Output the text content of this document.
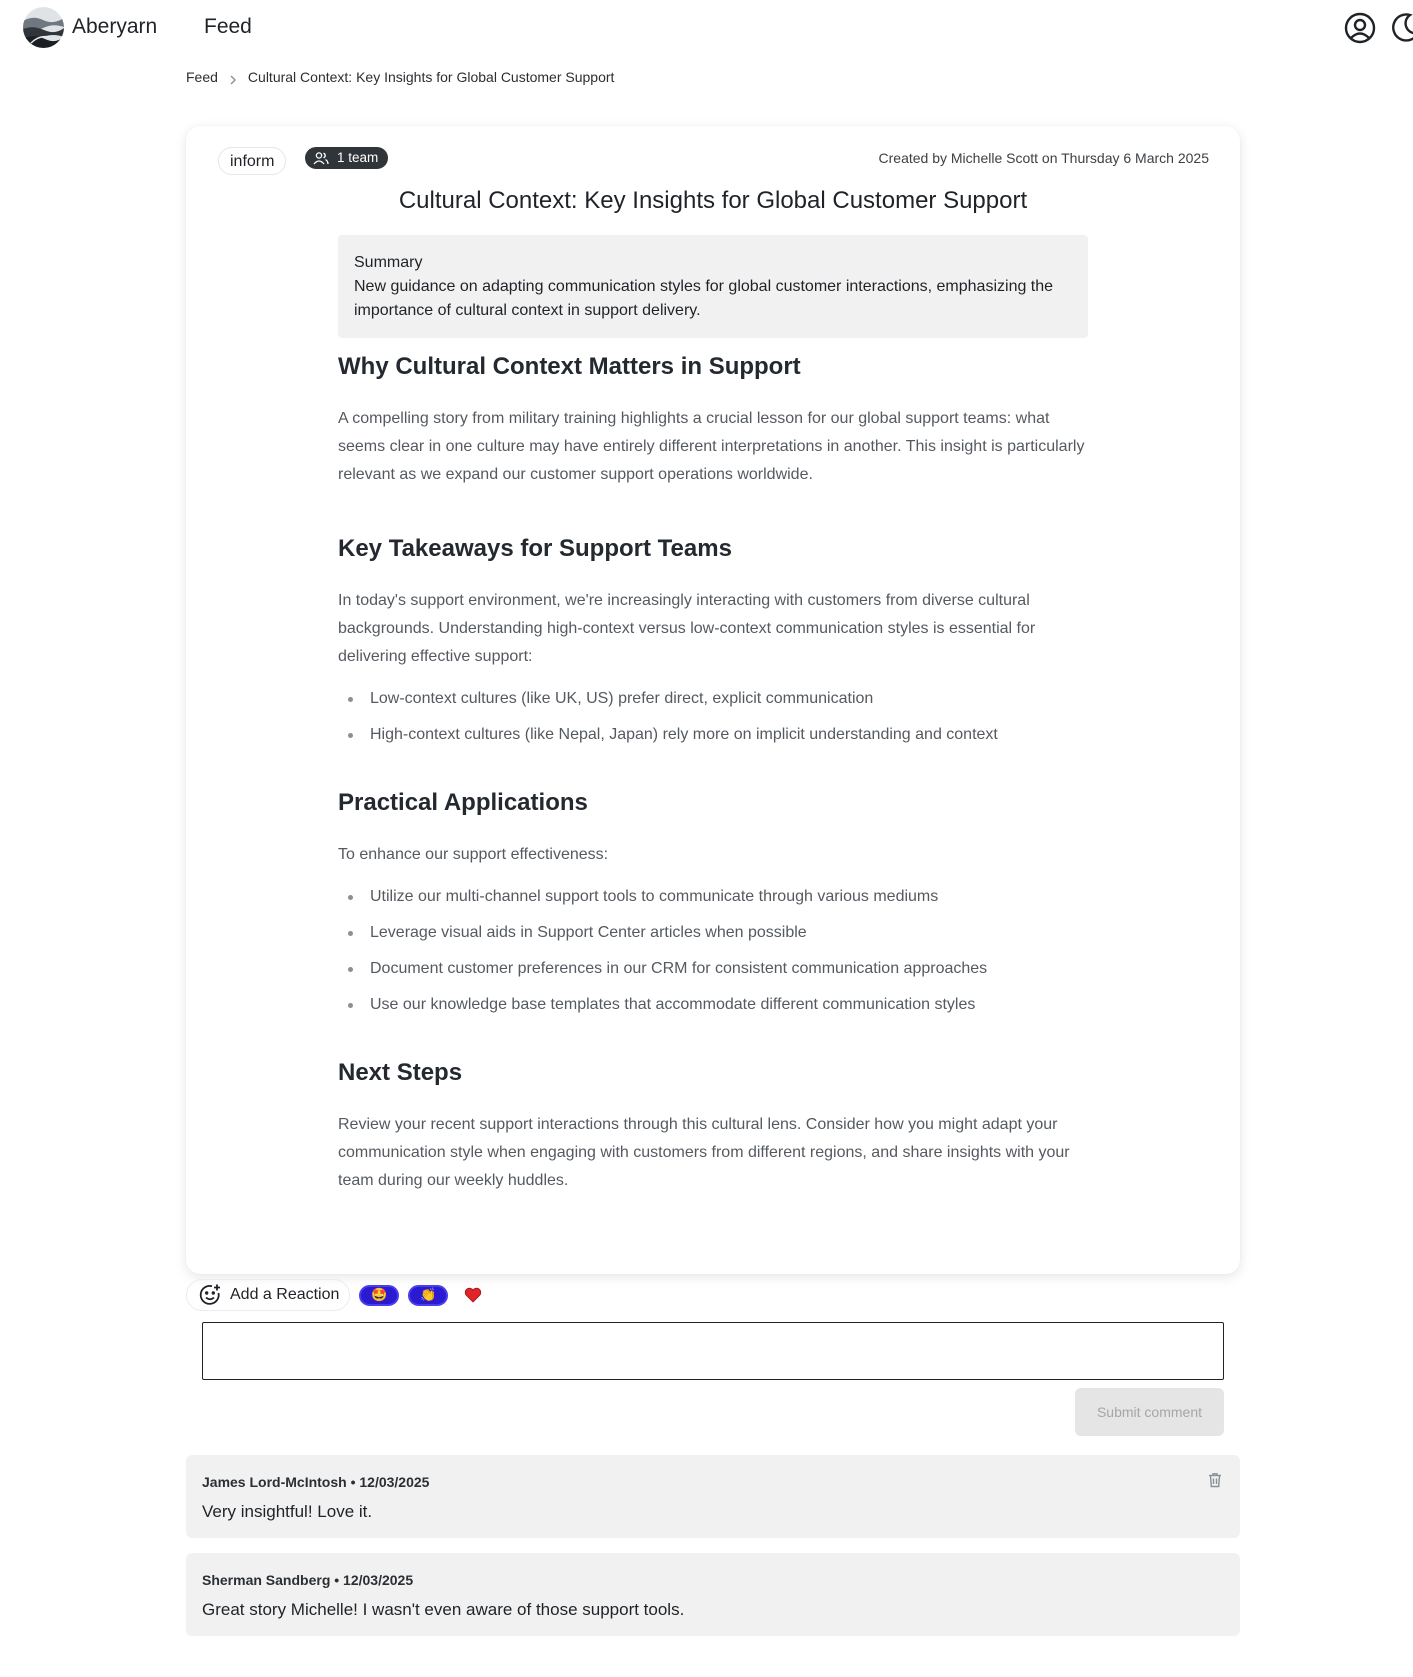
Aberyarn Feed
Feed Cultural Context: Key Insights for Global Customer Support
inform	1 team	Created by Michelle Scott on Thursday 6 March 2025
Cultural Context: Key Insights for Global Customer Support
Summary
New guidance on adapting communication styles for global customer interactions, emphasizing the importance of cultural context in support delivery.
Why Cultural Context Matters in Support

A compelling story from military training highlights a crucial lesson for our global support teams: what seems clear in one culture may have entirely different interpretations in another. This insight is particularly relevant as we expand our customer support operations worldwide.

Key Takeaways for Support Teams

In today's support environment, we're increasingly interacting with customers from diverse cultural backgrounds. Understanding high-context versus low-context communication styles is essential for delivering effective support:

Low-context cultures (like UK, US) prefer direct, explicit communication
High-context cultures (like Nepal, Japan) rely more on implicit understanding and context
Practical Applications

To enhance our support effectiveness:

Utilize our multi-channel support tools to communicate through various mediums
Leverage visual aids in Support Center articles when possible
Document customer preferences in our CRM for consistent communication approaches
Use our knowledge base templates that accommodate different communication styles
Next Steps

Review your recent support interactions through this cultural lens. Consider how you might adapt your communication style when engaging with customers from different regions, and share insights with your team during our weekly huddles.

Add a Reaction	🤩	👏
Submit comment
James Lord-McIntosh • 12/03/2025
Very insightful! Love it.
Sherman Sandberg • 12/03/2025
Great story Michelle! I wasn't even aware of those support tools.
